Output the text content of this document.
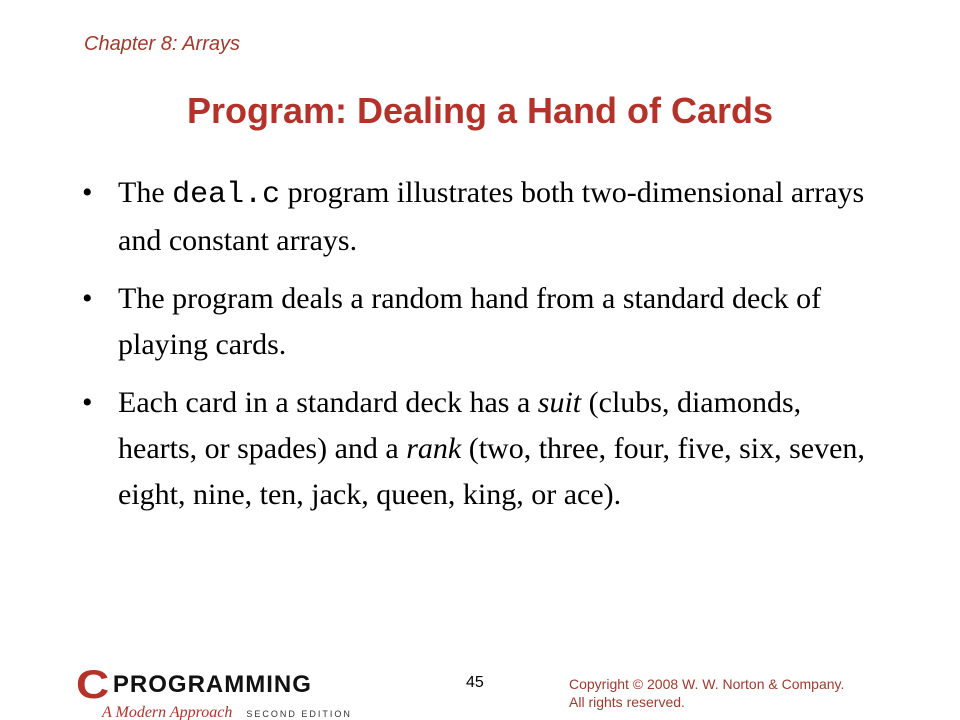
Chapter 8: Arrays
Program: Dealing a Hand of Cards
• The deal.c program illustrates both two-dimensional arrays and constant arrays.
• The program deals a random hand from a standard deck of playing cards.
• Each card in a standard deck has a suit (clubs, diamonds, hearts, or spades) and a rank (two, three, four, five, six, seven, eight, nine, ten, jack, queen, king, or ace).
C PROGRAMMING
A Modern Approach SECOND EDITION
45	Copyright © 2008 W. W. Norton & Company.
All rights reserved.
